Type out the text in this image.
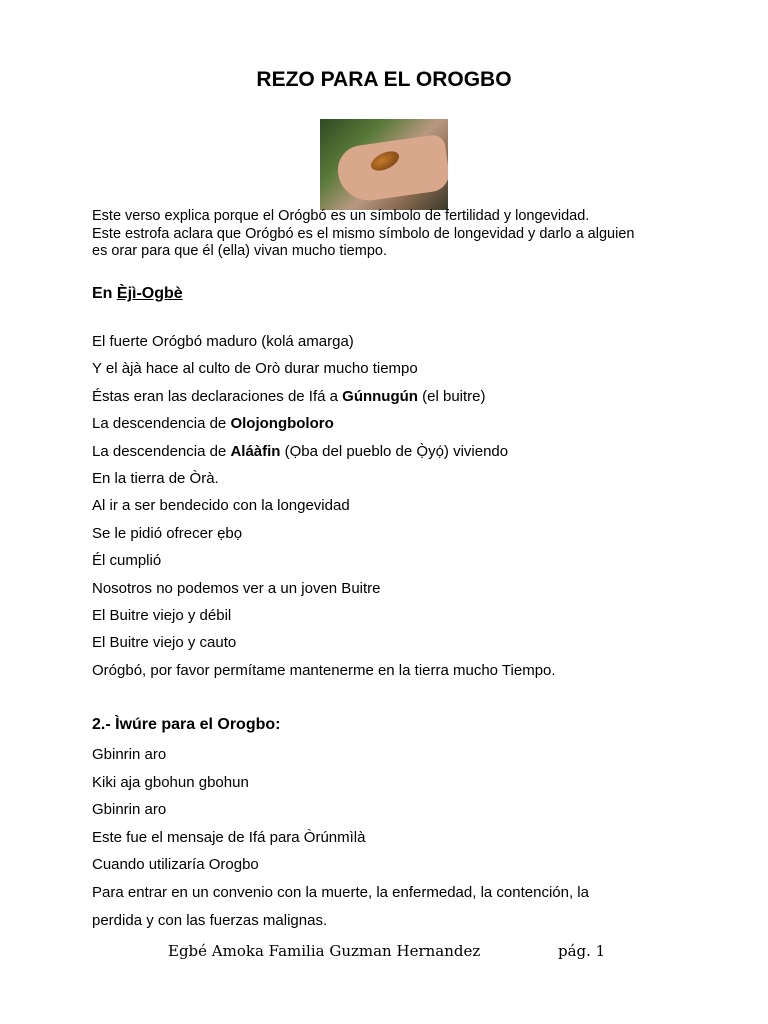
REZO PARA EL OROGBO
Este verso explica porque el Orógbó es un símbolo de fertilidad y longevidad.
Este estrofa aclara que Orógbó es el mismo símbolo de longevidad y darlo a alguien
es orar para que él (ella) vivan mucho tiempo.
En Èjì-Ogbè
El fuerte Orógbó maduro (kolá amarga)
Y el àjà hace al culto de Orò durar mucho tiempo
Éstas eran las declaraciones de Ifá a Gúnnugún (el buitre)
La descendencia de Olojongboloro
La descendencia de Aláàfin (Ọba del pueblo de Ọ̀yọ́) viviendo
En la tierra de Òrà.
Al ir a ser bendecido con la longevidad
Se le pidió ofrecer ẹbọ
Él cumplió
Nosotros no podemos ver a un joven Buitre
El Buitre viejo y débil
El Buitre viejo y cauto
Orógbó, por favor permítame mantenerme en la tierra mucho Tiempo.
2.- Ìwúre para el Orogbo:
Gbinrin aro
Kiki aja gbohun gbohun
Gbinrin aro
Este fue el mensaje de Ifá para Òrúnmìlà
Cuando utilizaría Orogbo
Para entrar en un convenio con la muerte, la enfermedad, la contención, la
perdida y con las fuerzas malignas.
Egbé Amoka Familia Guzman Hernandez	pág. 1
